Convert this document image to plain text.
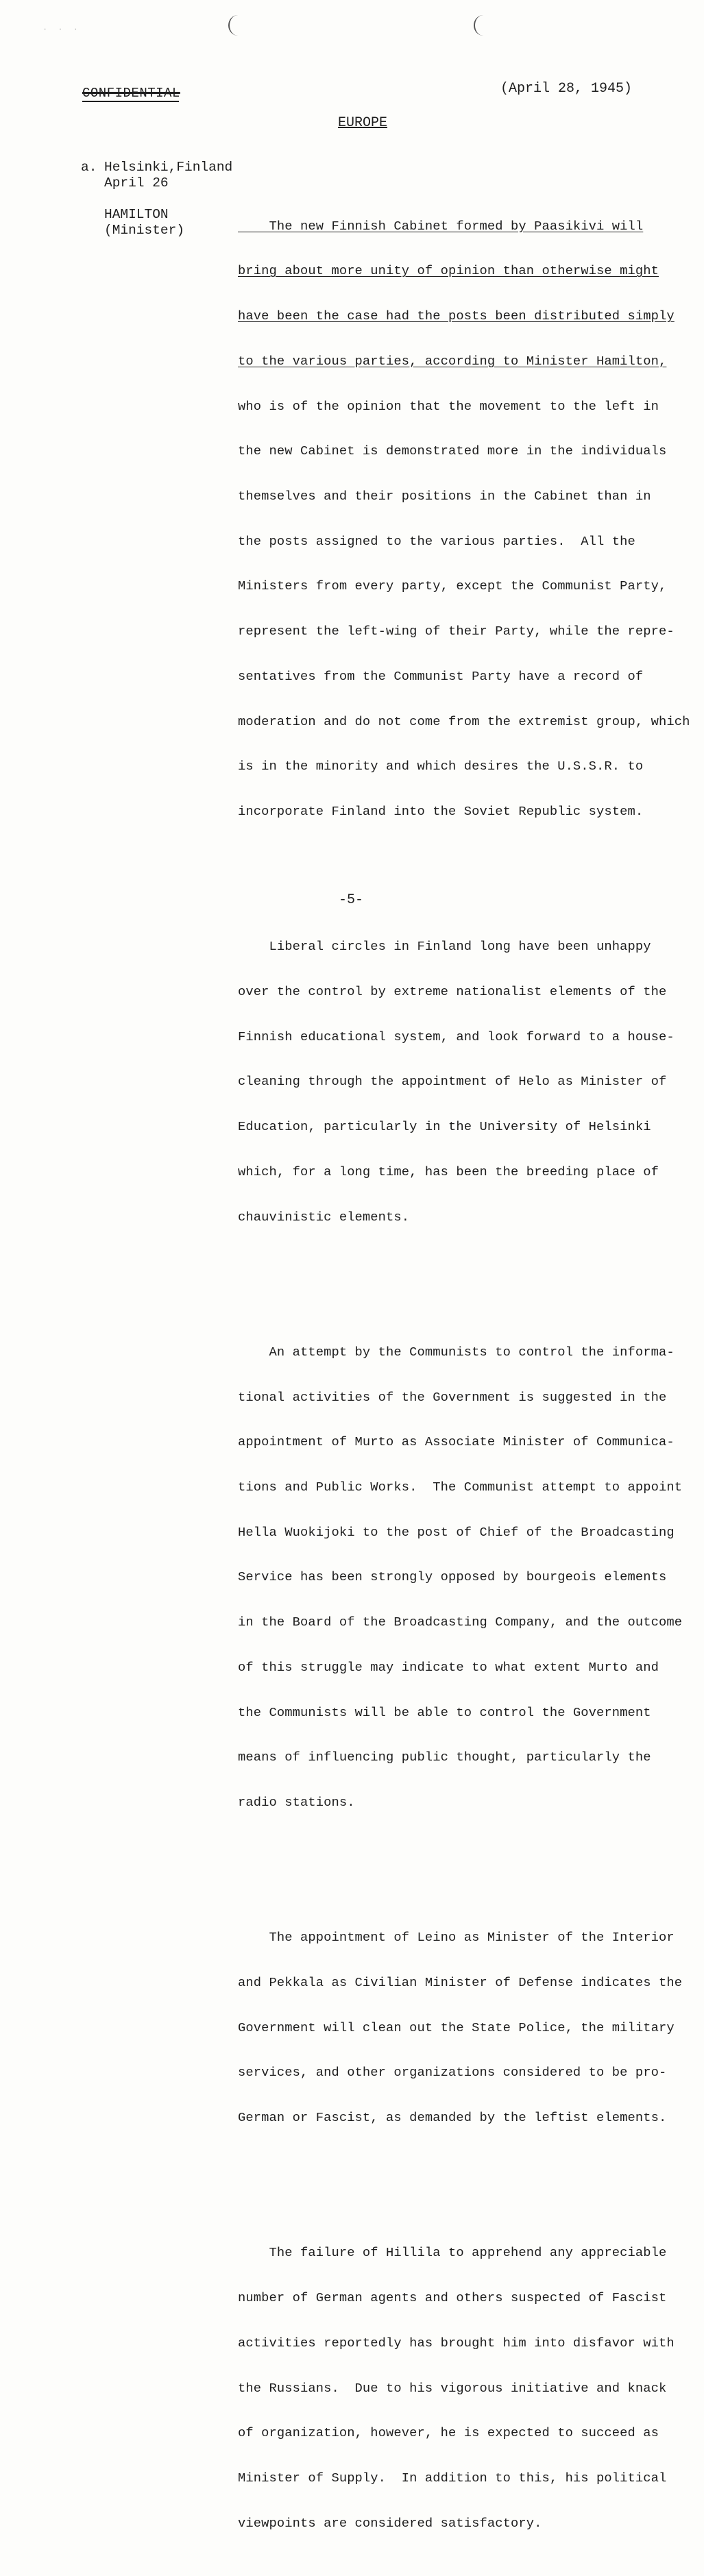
· · ·
CONFIDENTIAL	(April 28, 1945)
EUROPE
a. Helsinki,Finland
April 26
HAMILTON
(Minister)

	The new Finnish Cabinet formed by Paasikivi will

bring about more unity of opinion than otherwise might

have been the case had the posts been distributed simply

to the various parties, according to Minister Hamilton,

who is of the opinion that the movement to the left in

the new Cabinet is demonstrated more in the individuals

themselves and their positions in the Cabinet than in

the posts assigned to the various parties.  All the

Ministers from every party, except the Communist Party,

represent the left-wing of their Party, while the repre-

sentatives from the Communist Party have a record of

moderation and do not come from the extremist group, which

is in the minority and which desires the U.S.S.R. to

incorporate Finland into the Soviet Republic system.

Liberal circles in Finland long have been unhappy

over the control by extreme nationalist elements of the

Finnish educational system, and look forward to a house-

cleaning through the appointment of Helo as Minister of

Education, particularly in the University of Helsinki

which, for a long time, has been the breeding place of

chauvinistic elements.

An attempt by the Communists to control the informa-

tional activities of the Government is suggested in the

appointment of Murto as Associate Minister of Communica-

tions and Public Works.  The Communist attempt to appoint

Hella Wuokijoki to the post of Chief of the Broadcasting

Service has been strongly opposed by bourgeois elements

in the Board of the Broadcasting Company, and the outcome

of this struggle may indicate to what extent Murto and

the Communists will be able to control the Government

means of influencing public thought, particularly the

radio stations.

The appointment of Leino as Minister of the Interior

and Pekkala as Civilian Minister of Defense indicates the

Government will clean out the State Police, the military

services, and other organizations considered to be pro-

German or Fascist, as demanded by the leftist elements.

The failure of Hillila to apprehend any appreciable

number of German agents and others suspected of Fascist

activities reportedly has brought him into disfavor with

the Russians.  Due to his vigorous initiative and knack

of organization, however, he is expected to succeed as

Minister of Supply.  In addition to this, his political

viewpoints are considered satisfactory.

-5-
